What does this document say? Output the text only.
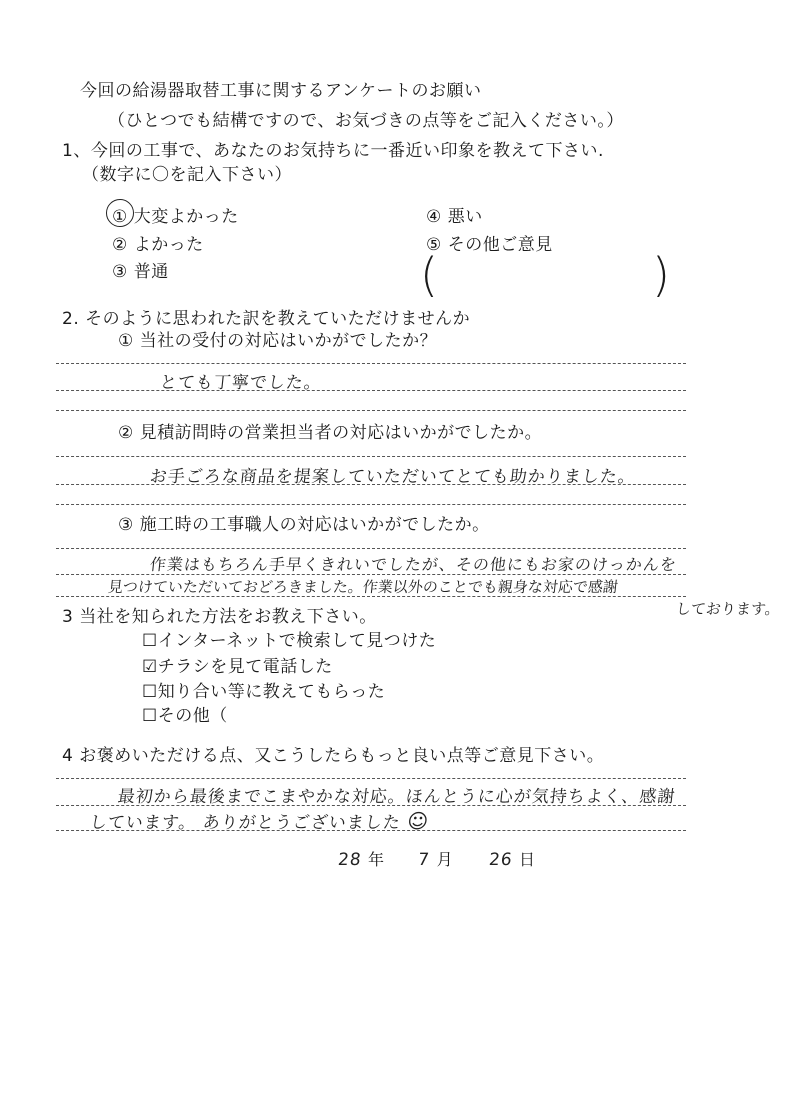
今回の給湯器取替工事に関するアンケートのお願い
（ひとつでも結構ですので、お気づきの点等をご記入ください。）
1、今回の工事で、あなたのお気持ちに一番近い印象を教えて下さい.
（数字に〇を記入下さい）
① 大変よかった
② よかった
③ 普通
④ 悪い
⑤ その他ご意見
(	)
2. そのように思われた訳を教えていただけませんか
① 当社の受付の対応はいかがでしたか？
とても丁寧でした。
② 見積訪問時の営業担当者の対応はいかがでしたか。
お手ごろな商品を提案していただいてとても助かりました。
③ 施工時の工事職人の対応はいかがでしたか。
作業はもちろん手早くきれいでしたが、その他にもお家のけっかんを
見つけていただいておどろきました。作業以外のことでも親身な対応で感謝
しております。
3 当社を知られた方法をお教え下さい。
☐インターネットで検索して見つけた
☑チラシを見て電話した
☐知り合い等に教えてもらった
☐その他（
4 お褒めいただける点、又こうしたらもっと良い点等ご意見下さい。
最初から最後までこまやかな対応。ほんとうに心が気持ちよく、感謝
しています。 ありがとうございました ☺
28 年 7 月 26 日
